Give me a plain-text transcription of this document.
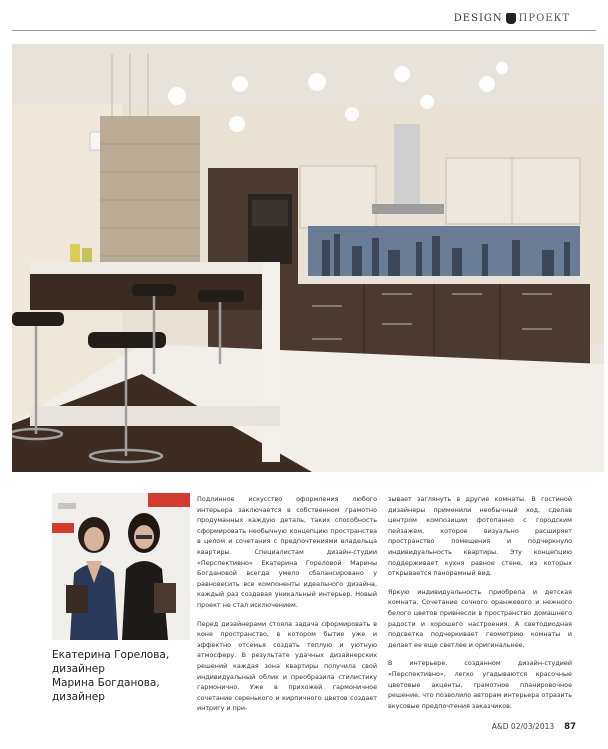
DESIGN ПРОЕКТ
Екатерина Горелова,
дизайнер
Марина Богданова,
дизайнер

Подлинное искусство оформления любого интерьера заключается в собственном грамотно продуманных каждую деталь, таких способность сформировать необычную концепцию пространства в целом и сочетания с предпочтениями владельца квартиры. Специалистам дизайн-студии «Перспективно» Екатерина Гореловой Марины Богдановой всегда умело сбалансировано у равновесить все компоненты идеального дизайна, каждый раз создавая уникальный интерьер. Новый проект не стал исключением.

Перед дизайнерами стояла задача сформировать в коне пространство, в котором бытие уже и эффектно отсемья создать теплую и уютную атмосферу. В результате удачных дизайнерских решений каждая зона квартиры получила свой индивидуальный облик и преобразила стилистику гармонично. Уже в прихожей гармоничное сочетание серенького и кирпичного цветов создает интригу и при-

зывает заглянуть в другие комнаты. В гостиной дизайнеры применили необычный ход, сделав центром композиции фотопанно с городским пейзажем, которое визуально расширяет пространство помещения и подчеркнуло индивидуальность квартиры. Эту концепцию поддерживает кухня равное стене, из которых открывается панорамный вид.

Яркую индивидуальность приобрела и детская комната. Сочетание сочного оранжевого и нежного белого цветов привнесли в пространство домашнего радости и хорошего настроения. А светодиодная подсветка подчеркивает геометрию комнаты и делает ее еще светлее и оригинальнее.

В интерьере, созданном дизайн-студией «Перспективно», легко угадываются красочные цветовые акценты, грамотное планировочное решение, что позволило авторам интерьера отразить вкусовые предпочтения заказчиков.

A&D 02/03/2013 87
